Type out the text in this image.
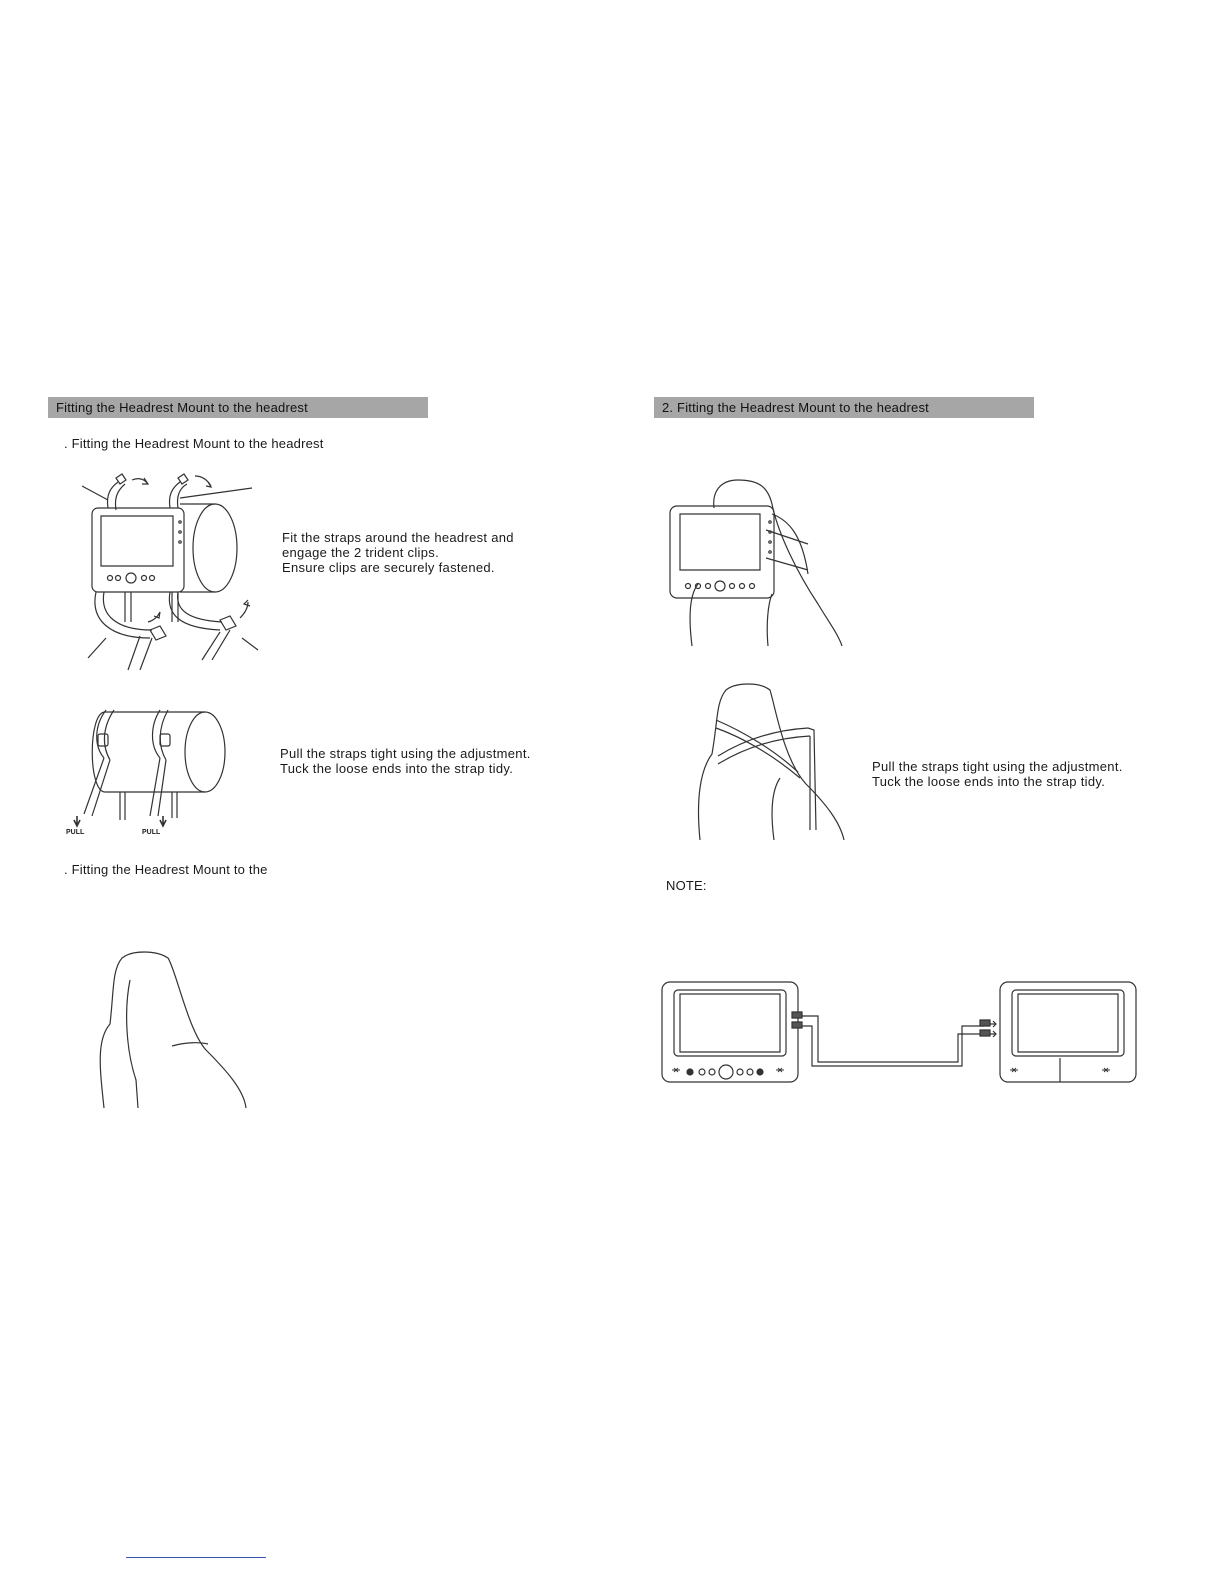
Fitting the Headrest Mount to the headrest
. Fitting the Headrest Mount to the headrest
Fit the straps around the headrest and
engage the 2 trident clips.
Ensure clips are securely fastened.
PULL	PULL
Pull the straps tight using the adjustment.
Tuck the loose ends into the strap tidy.
. Fitting the Headrest Mount to the
2. Fitting the Headrest Mount to the headrest
Pull the straps tight using the adjustment.
Tuck the loose ends into the strap tidy.
NOTE:
